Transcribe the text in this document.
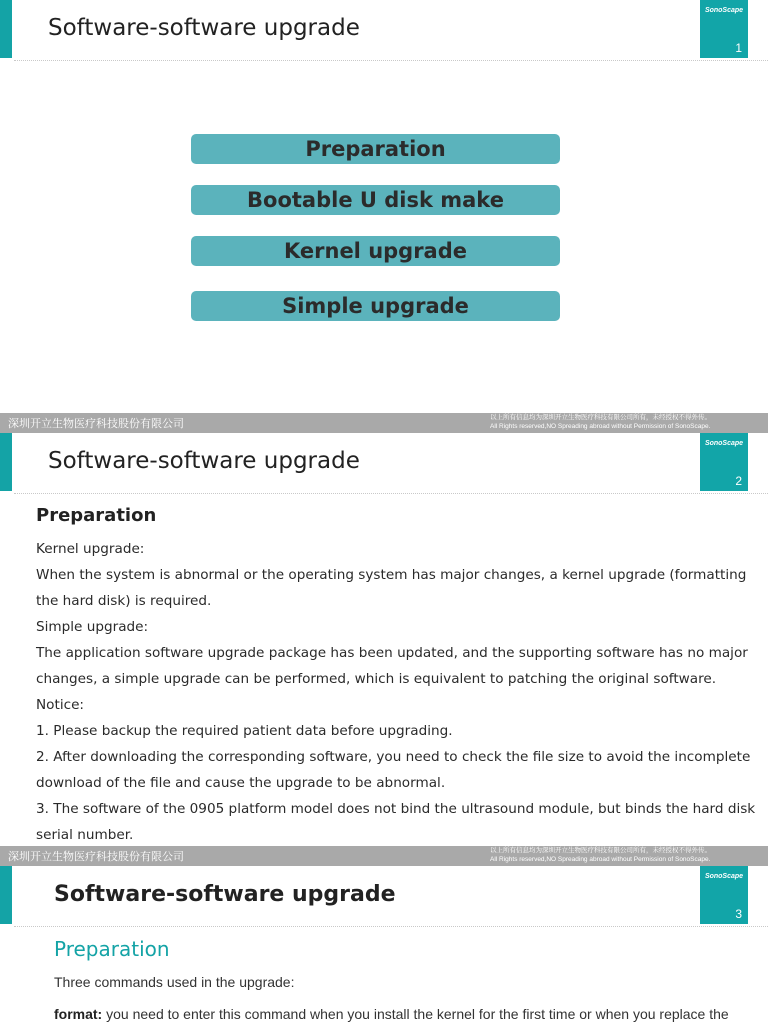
Software-software upgrade
SonoScape
1
Preparation
Bootable U disk make
Kernel upgrade
Simple upgrade
深圳开立生物医疗科技股份有限公司	以上所有信息均为深圳开立生物医疗科技有限公司所有，未经授权不得外传。
All Rights reserved,NO Spreading abroad without Permission of SonoScape.
Software-software upgrade
SonoScape
2
Preparation

Kernel upgrade:

When the system is abnormal or the operating system has major changes, a kernel upgrade (formatting the hard disk) is required.

Simple upgrade:

The application software upgrade package has been updated, and the supporting software has no major changes, a simple upgrade can be performed, which is equivalent to patching the original software.

Notice:

1. Please backup the required patient data before upgrading.

2. After downloading the corresponding software, you need to check the file size to avoid the incomplete download of the file and cause the upgrade to be abnormal.

3. The software of the 0905 platform model does not bind the ultrasound module, but binds the hard disk serial number.

深圳开立生物医疗科技股份有限公司	以上所有信息均为深圳开立生物医疗科技有限公司所有，未经授权不得外传。
All Rights reserved,NO Spreading abroad without Permission of SonoScape.
Software-software upgrade
SonoScape
3
Preparation
Three commands used in the upgrade:
format: you need to enter this command when you install the kernel for the first time or when you replace the
